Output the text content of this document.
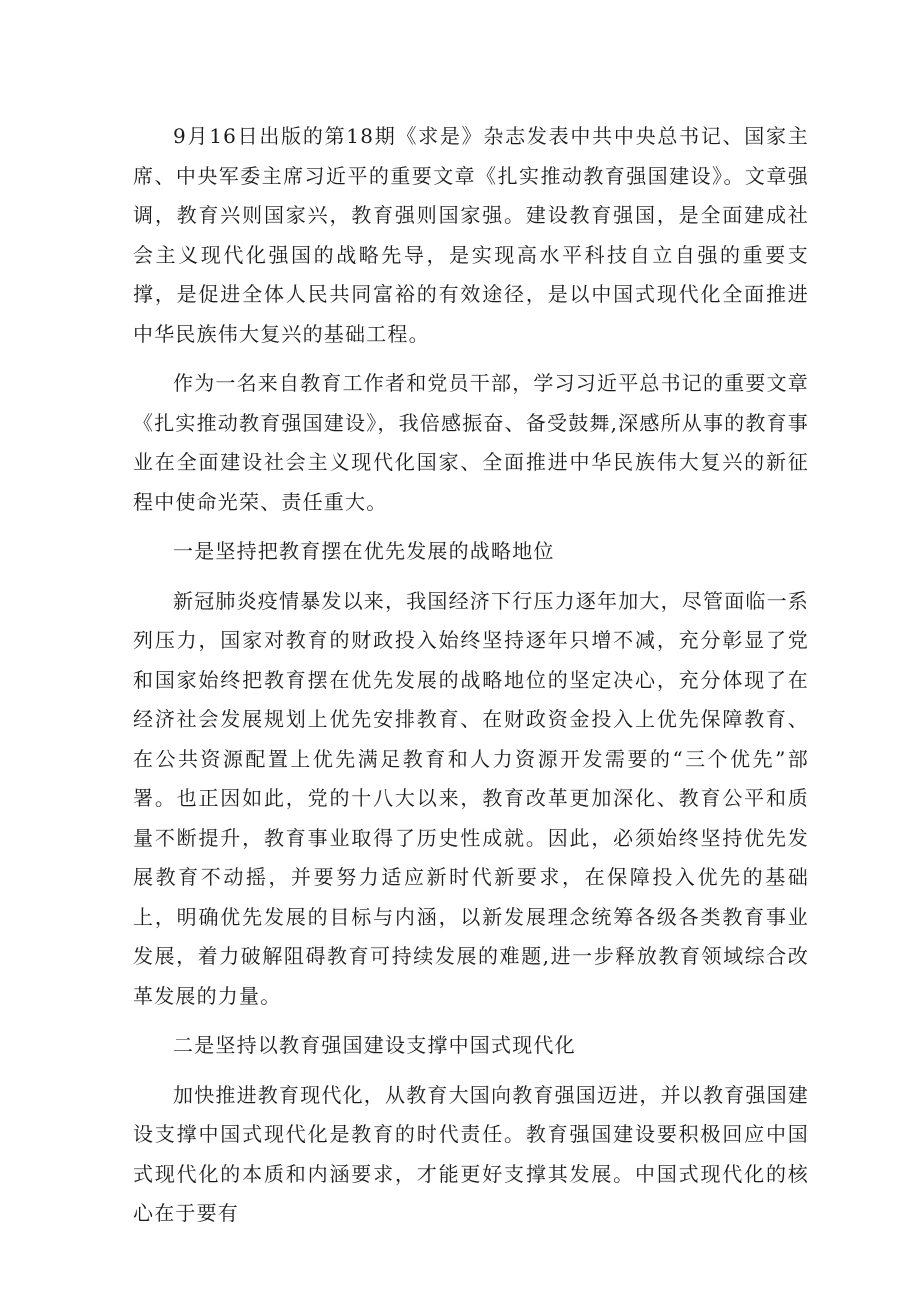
9月16日出版的第18期《求是》杂志发表中共中央总书记、国家主席、中央军委主席习近平的重要文章《扎实推动教育强国建设》。文章强调，教育兴则国家兴，教育强则国家强。建设教育强国，是全面建成社会主义现代化强国的战略先导，是实现高水平科技自立自强的重要支撑，是促进全体人民共同富裕的有效途径，是以中国式现代化全面推进中华民族伟大复兴的基础工程。

作为一名来自教育工作者和党员干部，学习习近平总书记的重要文章《扎实推动教育强国建设》，我倍感振奋、备受鼓舞,深感所从事的教育事业在全面建设社会主义现代化国家、全面推进中华民族伟大复兴的新征程中使命光荣、责任重大。

一是坚持把教育摆在优先发展的战略地位

新冠肺炎疫情暴发以来，我国经济下行压力逐年加大，尽管面临一系列压力，国家对教育的财政投入始终坚持逐年只增不减，充分彰显了党和国家始终把教育摆在优先发展的战略地位的坚定决心，充分体现了在经济社会发展规划上优先安排教育、在财政资金投入上优先保障教育、在公共资源配置上优先满足教育和人力资源开发需要的“三个优先”部署。也正因如此，党的十八大以来，教育改革更加深化、教育公平和质量不断提升，教育事业取得了历史性成就。因此，必须始终坚持优先发展教育不动摇，并要努力适应新时代新要求，在保障投入优先的基础上，明确优先发展的目标与内涵，以新发展理念统筹各级各类教育事业发展，着力破解阻碍教育可持续发展的难题,进一步释放教育领域综合改革发展的力量。

二是坚持以教育强国建设支撑中国式现代化

加快推进教育现代化，从教育大国向教育强国迈进，并以教育强国建设支撑中国式现代化是教育的时代责任。教育强国建设要积极回应中国式现代化的本质和内涵要求，才能更好支撑其发展。中国式现代化的核心在于要有
